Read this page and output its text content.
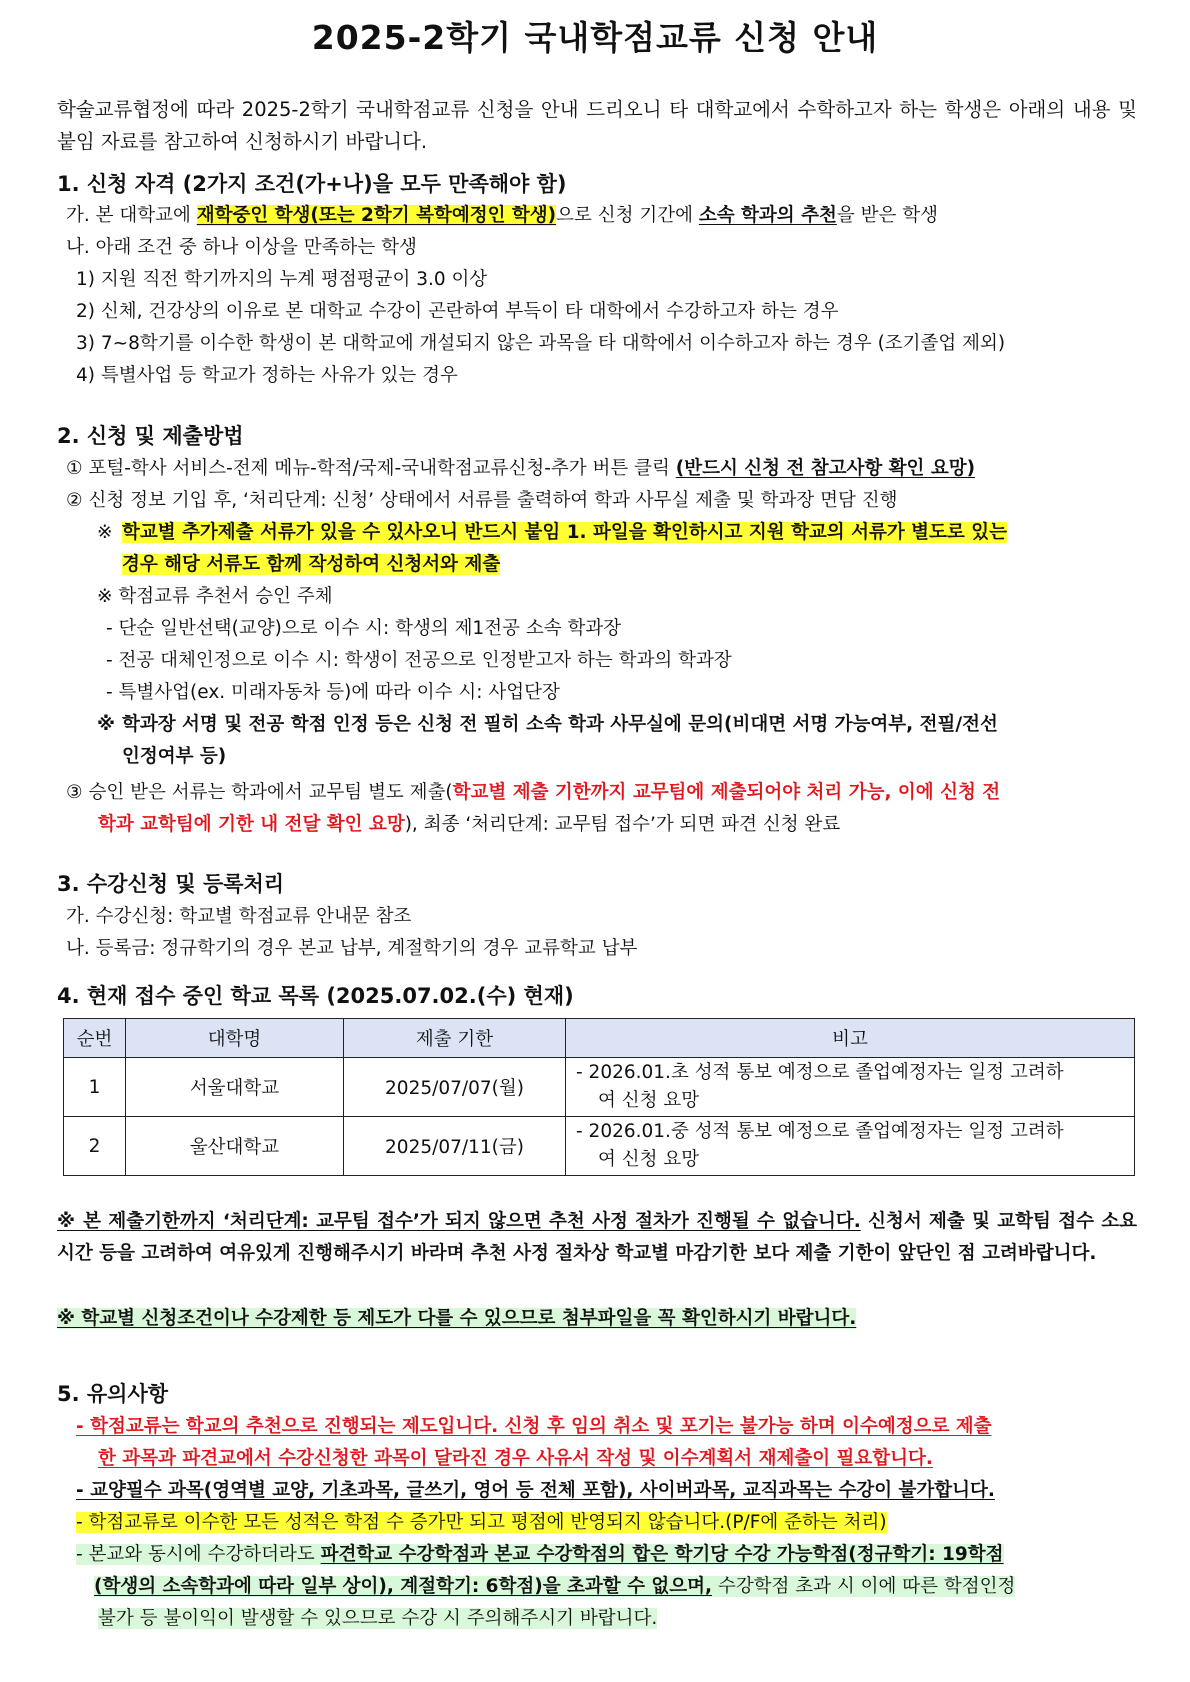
2025-2학기 국내학점교류 신청 안내
학술교류협정에 따라 2025-2학기 국내학점교류 신청을 안내 드리오니 타 대학교에서 수학하고자 하는 학생은 아래의 내용 및 붙임 자료를 참고하여 신청하시기 바랍니다.
1. 신청 자격 (2가지 조건(가+나)을 모두 만족해야 함)
가. 본 대학교에 재학중인 학생(또는 2학기 복학예정인 학생)으로 신청 기간에 소속 학과의 추천을 받은 학생
나. 아래 조건 중 하나 이상을 만족하는 학생
1) 지원 직전 학기까지의 누계 평점평균이 3.0 이상
2) 신체, 건강상의 이유로 본 대학교 수강이 곤란하여 부득이 타 대학에서 수강하고자 하는 경우
3) 7~8학기를 이수한 학생이 본 대학교에 개설되지 않은 과목을 타 대학에서 이수하고자 하는 경우 (조기졸업 제외)
4) 특별사업 등 학교가 정하는 사유가 있는 경우
2. 신청 및 제출방법
① 포털-학사 서비스-전제 메뉴-학적/국제-국내학점교류신청-추가 버튼 클릭 (반드시 신청 전 참고사항 확인 요망)
② 신청 정보 기입 후, ‘처리단계: 신청’ 상태에서 서류를 출력하여 학과 사무실 제출 및 학과장 면담 진행
※ 학교별 추가제출 서류가 있을 수 있사오니 반드시 붙임 1. 파일을 확인하시고 지원 학교의 서류가 별도로 있는
경우 해당 서류도 함께 작성하여 신청서와 제출
※ 학점교류 추천서 승인 주체
- 단순 일반선택(교양)으로 이수 시: 학생의 제1전공 소속 학과장
- 전공 대체인정으로 이수 시: 학생이 전공으로 인정받고자 하는 학과의 학과장
- 특별사업(ex. 미래자동차 등)에 따라 이수 시: 사업단장
※ 학과장 서명 및 전공 학점 인정 등은 신청 전 필히 소속 학과 사무실에 문의(비대면 서명 가능여부, 전필/전선
인정여부 등)
③ 승인 받은 서류는 학과에서 교무팀 별도 제출(학교별 제출 기한까지 교무팀에 제출되어야 처리 가능, 이에 신청 전
학과 교학팀에 기한 내 전달 확인 요망), 최종 ‘처리단계: 교무팀 접수’가 되면 파견 신청 완료
3. 수강신청 및 등록처리
가. 수강신청: 학교별 학점교류 안내문 참조
나. 등록금: 정규학기의 경우 본교 납부, 계절학기의 경우 교류학교 납부
4. 현재 접수 중인 학교 목록 (2025.07.02.(수) 현재)
순번	대학명	제출 기한	비고
1	서울대학교	2025/07/07(월)	- 2026.01.초 성적 통보 예정으로 졸업예정자는 일정 고려하
여 신청 요망

2	울산대학교	2025/07/11(금)	- 2026.01.중 성적 통보 예정으로 졸업예정자는 일정 고려하
여 신청 요망
※ 본 제출기한까지 ‘처리단계: 교무팀 접수’가 되지 않으면 추천 사정 절차가 진행될 수 없습니다. 신청서 제출 및 교학팀 접수 소요시간 등을 고려하여 여유있게 진행해주시기 바라며 추천 사정 절차상 학교별 마감기한 보다 제출 기한이 앞단인 점 고려바랍니다.
※ 학교별 신청조건이나 수강제한 등 제도가 다를 수 있으므로 첨부파일을 꼭 확인하시기 바랍니다.
5. 유의사항
- 학점교류는 학교의 추천으로 진행되는 제도입니다. 신청 후 임의 취소 및 포기는 불가능 하며 이수예정으로 제출
한 과목과 파견교에서 수강신청한 과목이 달라진 경우 사유서 작성 및 이수계획서 재제출이 필요합니다.
- 교양필수 과목(영역별 교양, 기초과목, 글쓰기, 영어 등 전체 포함), 사이버과목, 교직과목는 수강이 불가합니다.
- 학점교류로 이수한 모든 성적은 학점 수 증가만 되고 평점에 반영되지 않습니다.(P/F에 준하는 처리)
- 본교와 동시에 수강하더라도 파견학교 수강학점과 본교 수강학점의 합은 학기당 수강 가능학점(정규학기: 19학점
(학생의 소속학과에 따라 일부 상이), 계절학기: 6학점)을 초과할 수 없으며, 수강학점 초과 시 이에 따른 학점인정
불가 등 불이익이 발생할 수 있으므로 수강 시 주의해주시기 바랍니다.
